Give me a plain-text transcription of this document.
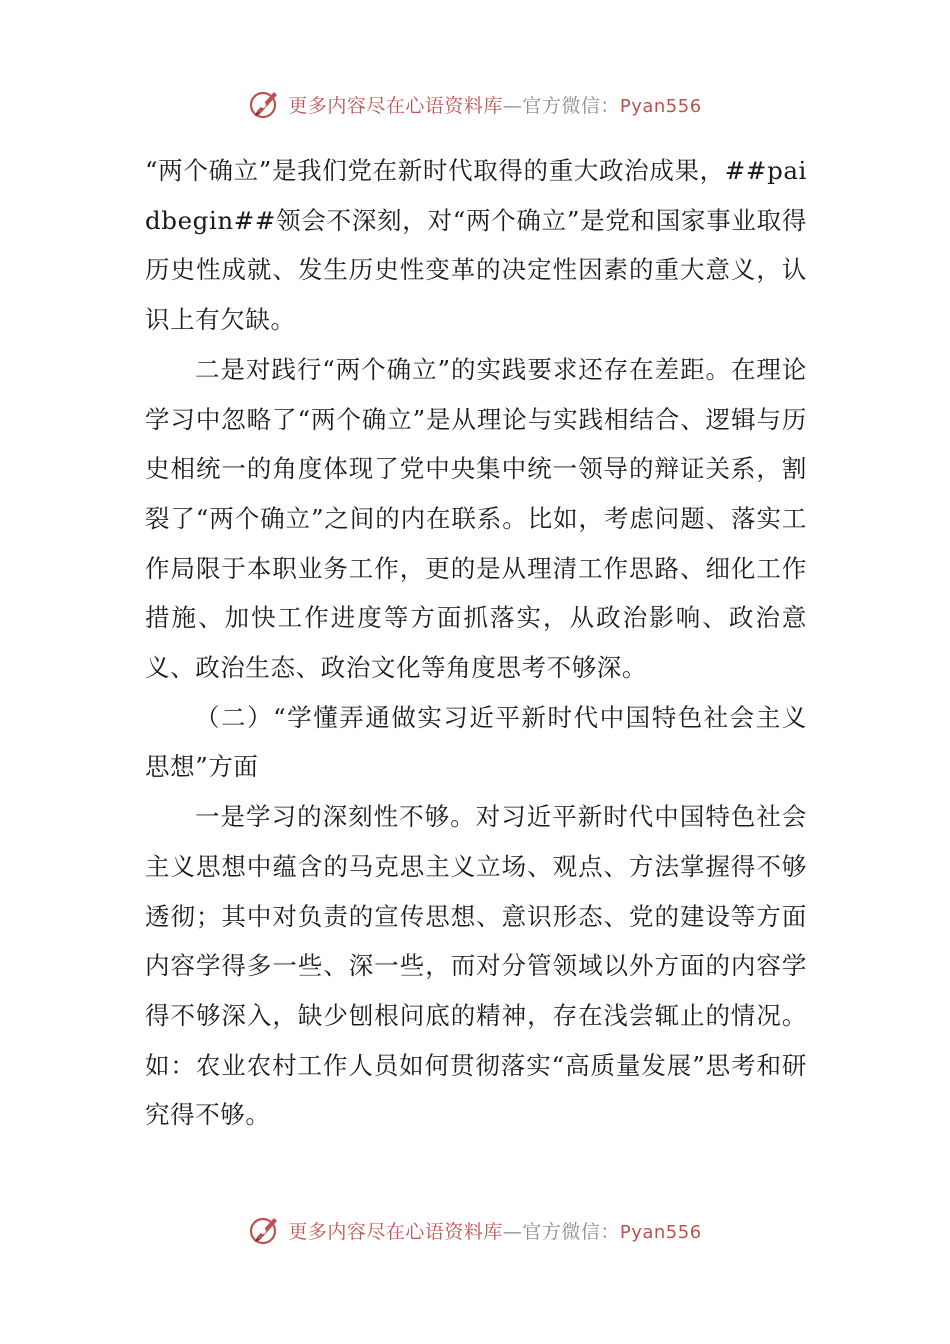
更多内容尽在心语资料库—官方微信：Pyan556

“两个确立”是我们党在新时代取得的重大政治成果，##paidbegin##领会不深刻，对“两个确立”是党和国家事业取得历史性成就、发生历史性变革的决定性因素的重大意义，认识上有欠缺。

二是对践行“两个确立”的实践要求还存在差距。在理论学习中忽略了“两个确立”是从理论与实践相结合、逻辑与历史相统一的角度体现了党中央集中统一领导的辩证关系，割裂了“两个确立”之间的内在联系。比如，考虑问题、落实工作局限于本职业务工作，更的是从理清工作思路、细化工作措施、加快工作进度等方面抓落实，从政治影响、政治意义、政治生态、政治文化等角度思考不够深。

（二）“学懂弄通做实习近平新时代中国特色社会主义思想”方面

一是学习的深刻性不够。对习近平新时代中国特色社会主义思想中蕴含的马克思主义立场、观点、方法掌握得不够透彻；其中对负责的宣传思想、意识形态、党的建设等方面内容学得多一些、深一些，而对分管领域以外方面的内容学得不够深入，缺少刨根问底的精神，存在浅尝辄止的情况。如：农业农村工作人员如何贯彻落实“高质量发展”思考和研究得不够。

更多内容尽在心语资料库—官方微信：Pyan556
